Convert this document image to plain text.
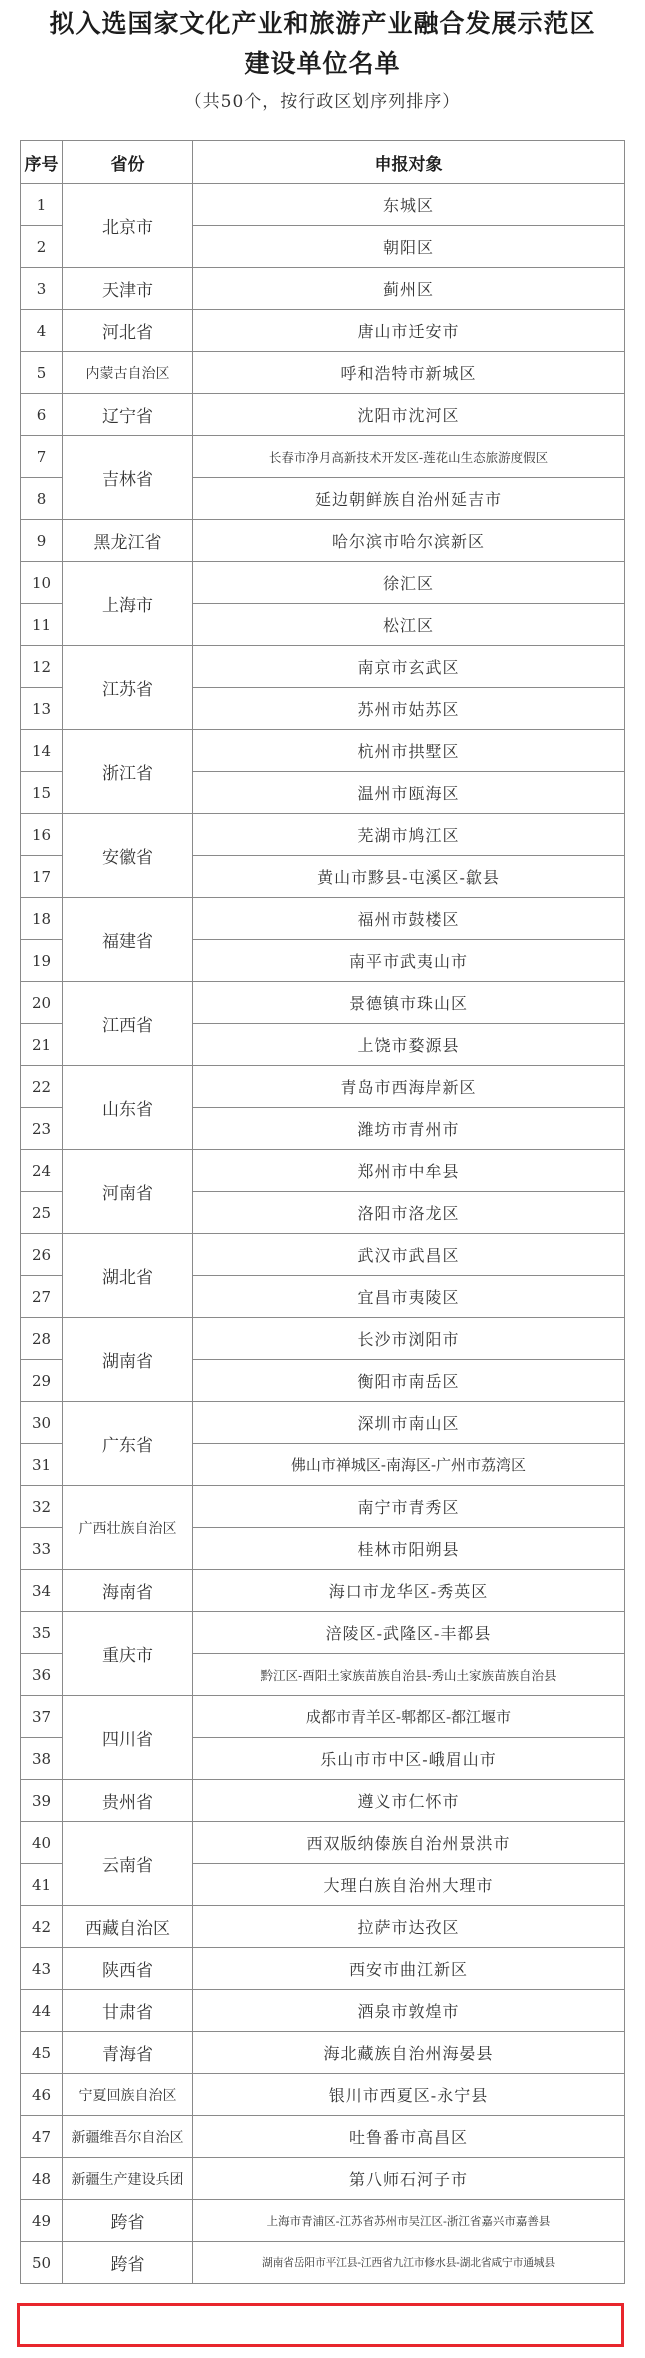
拟入选国家文化产业和旅游产业融合发展示范区
建设单位名单
（共50个，按行政区划序列排序）
序号	省份	申报对象
1	北京市	东城区
2		朝阳区
3	天津市	蓟州区
4	河北省	唐山市迁安市
5	内蒙古自治区	呼和浩特市新城区
6	辽宁省	沈阳市沈河区
7	吉林省	长春市净月高新技术开发区-莲花山生态旅游度假区
8		延边朝鲜族自治州延吉市
9	黑龙江省	哈尔滨市哈尔滨新区
10	上海市	徐汇区
11		松江区
12	江苏省	南京市玄武区
13		苏州市姑苏区
14	浙江省	杭州市拱墅区
15		温州市瓯海区
16	安徽省	芜湖市鸠江区
17		黄山市黟县-屯溪区-歙县
18	福建省	福州市鼓楼区
19		南平市武夷山市
20	江西省	景德镇市珠山区
21		上饶市婺源县
22	山东省	青岛市西海岸新区
23		潍坊市青州市
24	河南省	郑州市中牟县
25		洛阳市洛龙区
26	湖北省	武汉市武昌区
27		宜昌市夷陵区
28	湖南省	长沙市浏阳市
29		衡阳市南岳区
30	广东省	深圳市南山区
31		佛山市禅城区-南海区-广州市荔湾区
32	广西壮族自治区	南宁市青秀区
33		桂林市阳朔县
34	海南省	海口市龙华区-秀英区
35	重庆市	涪陵区-武隆区-丰都县
36		黔江区-酉阳土家族苗族自治县-秀山土家族苗族自治县
37	四川省	成都市青羊区-郫都区-都江堰市
38		乐山市市中区-峨眉山市
39	贵州省	遵义市仁怀市
40	云南省	西双版纳傣族自治州景洪市
41		大理白族自治州大理市
42	西藏自治区	拉萨市达孜区
43	陕西省	西安市曲江新区
44	甘肃省	酒泉市敦煌市
45	青海省	海北藏族自治州海晏县
46	宁夏回族自治区	银川市西夏区-永宁县
47	新疆维吾尔自治区	吐鲁番市高昌区
48	新疆生产建设兵团	第八师石河子市
49	跨省	上海市青浦区-江苏省苏州市吴江区-浙江省嘉兴市嘉善县
50	跨省	湖南省岳阳市平江县-江西省九江市修水县-湖北省咸宁市通城县
